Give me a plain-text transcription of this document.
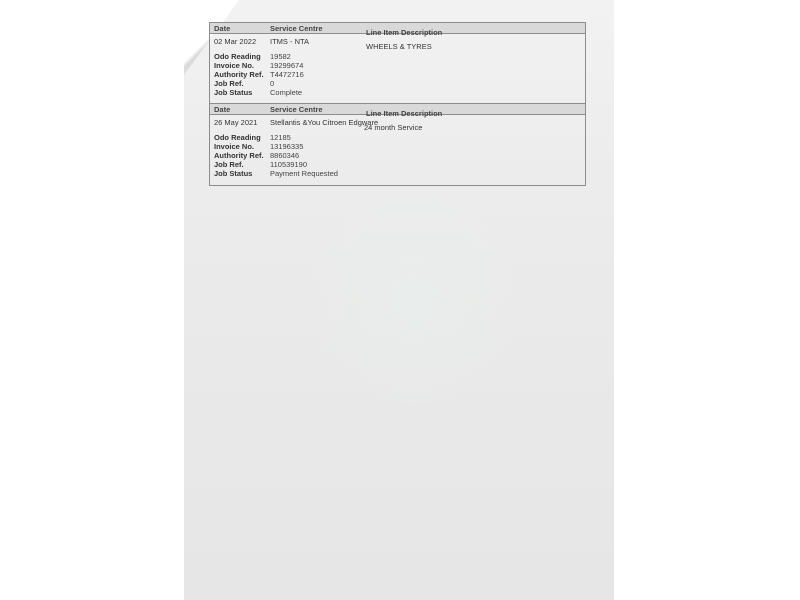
Date	Service Centre	Line Item Description
02 Mar 2022 ITMS - NTA
WHEELS & TYRES
Odo Reading 19582
Invoice No. 19299674
Authority Ref. T4472716
Job Ref.	0
Job Status Complete
Date	Service Centre	Line Item Description
26 May 2021 Stellantis &You Citroen Edgware
24 month Service
Odo Reading 12185
Invoice No. 13196335
Authority Ref. 8860346
Job Ref.	110539190
Job Status Payment Requested
